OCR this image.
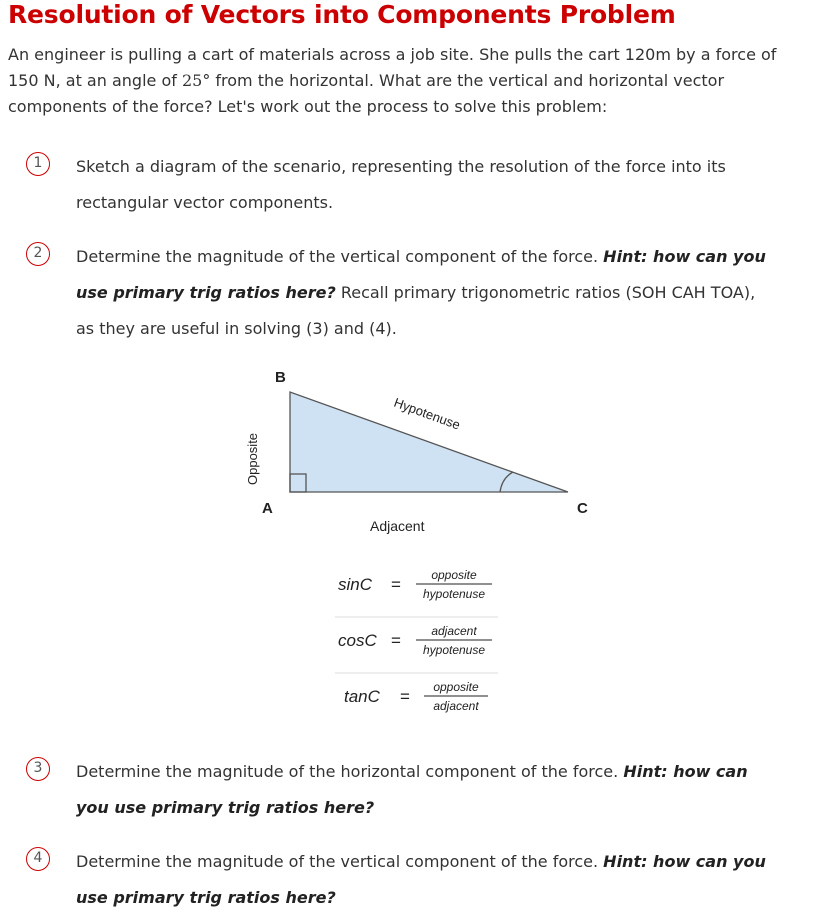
Resolution of Vectors into Components Problem

An engineer is pulling a cart of materials across a job site. She pulls the cart 120m by a force of 150 N, at an angle of 25° from the horizontal. What are the vertical and horizontal vector components of the force? Let's work out the process to solve this problem:

1	Sketch a diagram of the scenario, representing the resolution of the force into its rectangular vector components.

2	Determine the magnitude of the vertical component of the force. Hint: how can you use primary trig ratios here? Recall primary trigonometric ratios (SOH CAH TOA), as they are useful in solving (3) and (4).

B
A	C
Adjacent
Opposite
Hypotenuse
sinC =	opposite
hypotenuse
cosC =	adjacent
hypotenuse
tanC = opposite
adjacent
3	Determine the magnitude of the horizontal component of the force. Hint: how can you use primary trig ratios here?

4	Determine the magnitude of the vertical component of the force. Hint: how can you use primary trig ratios here?
